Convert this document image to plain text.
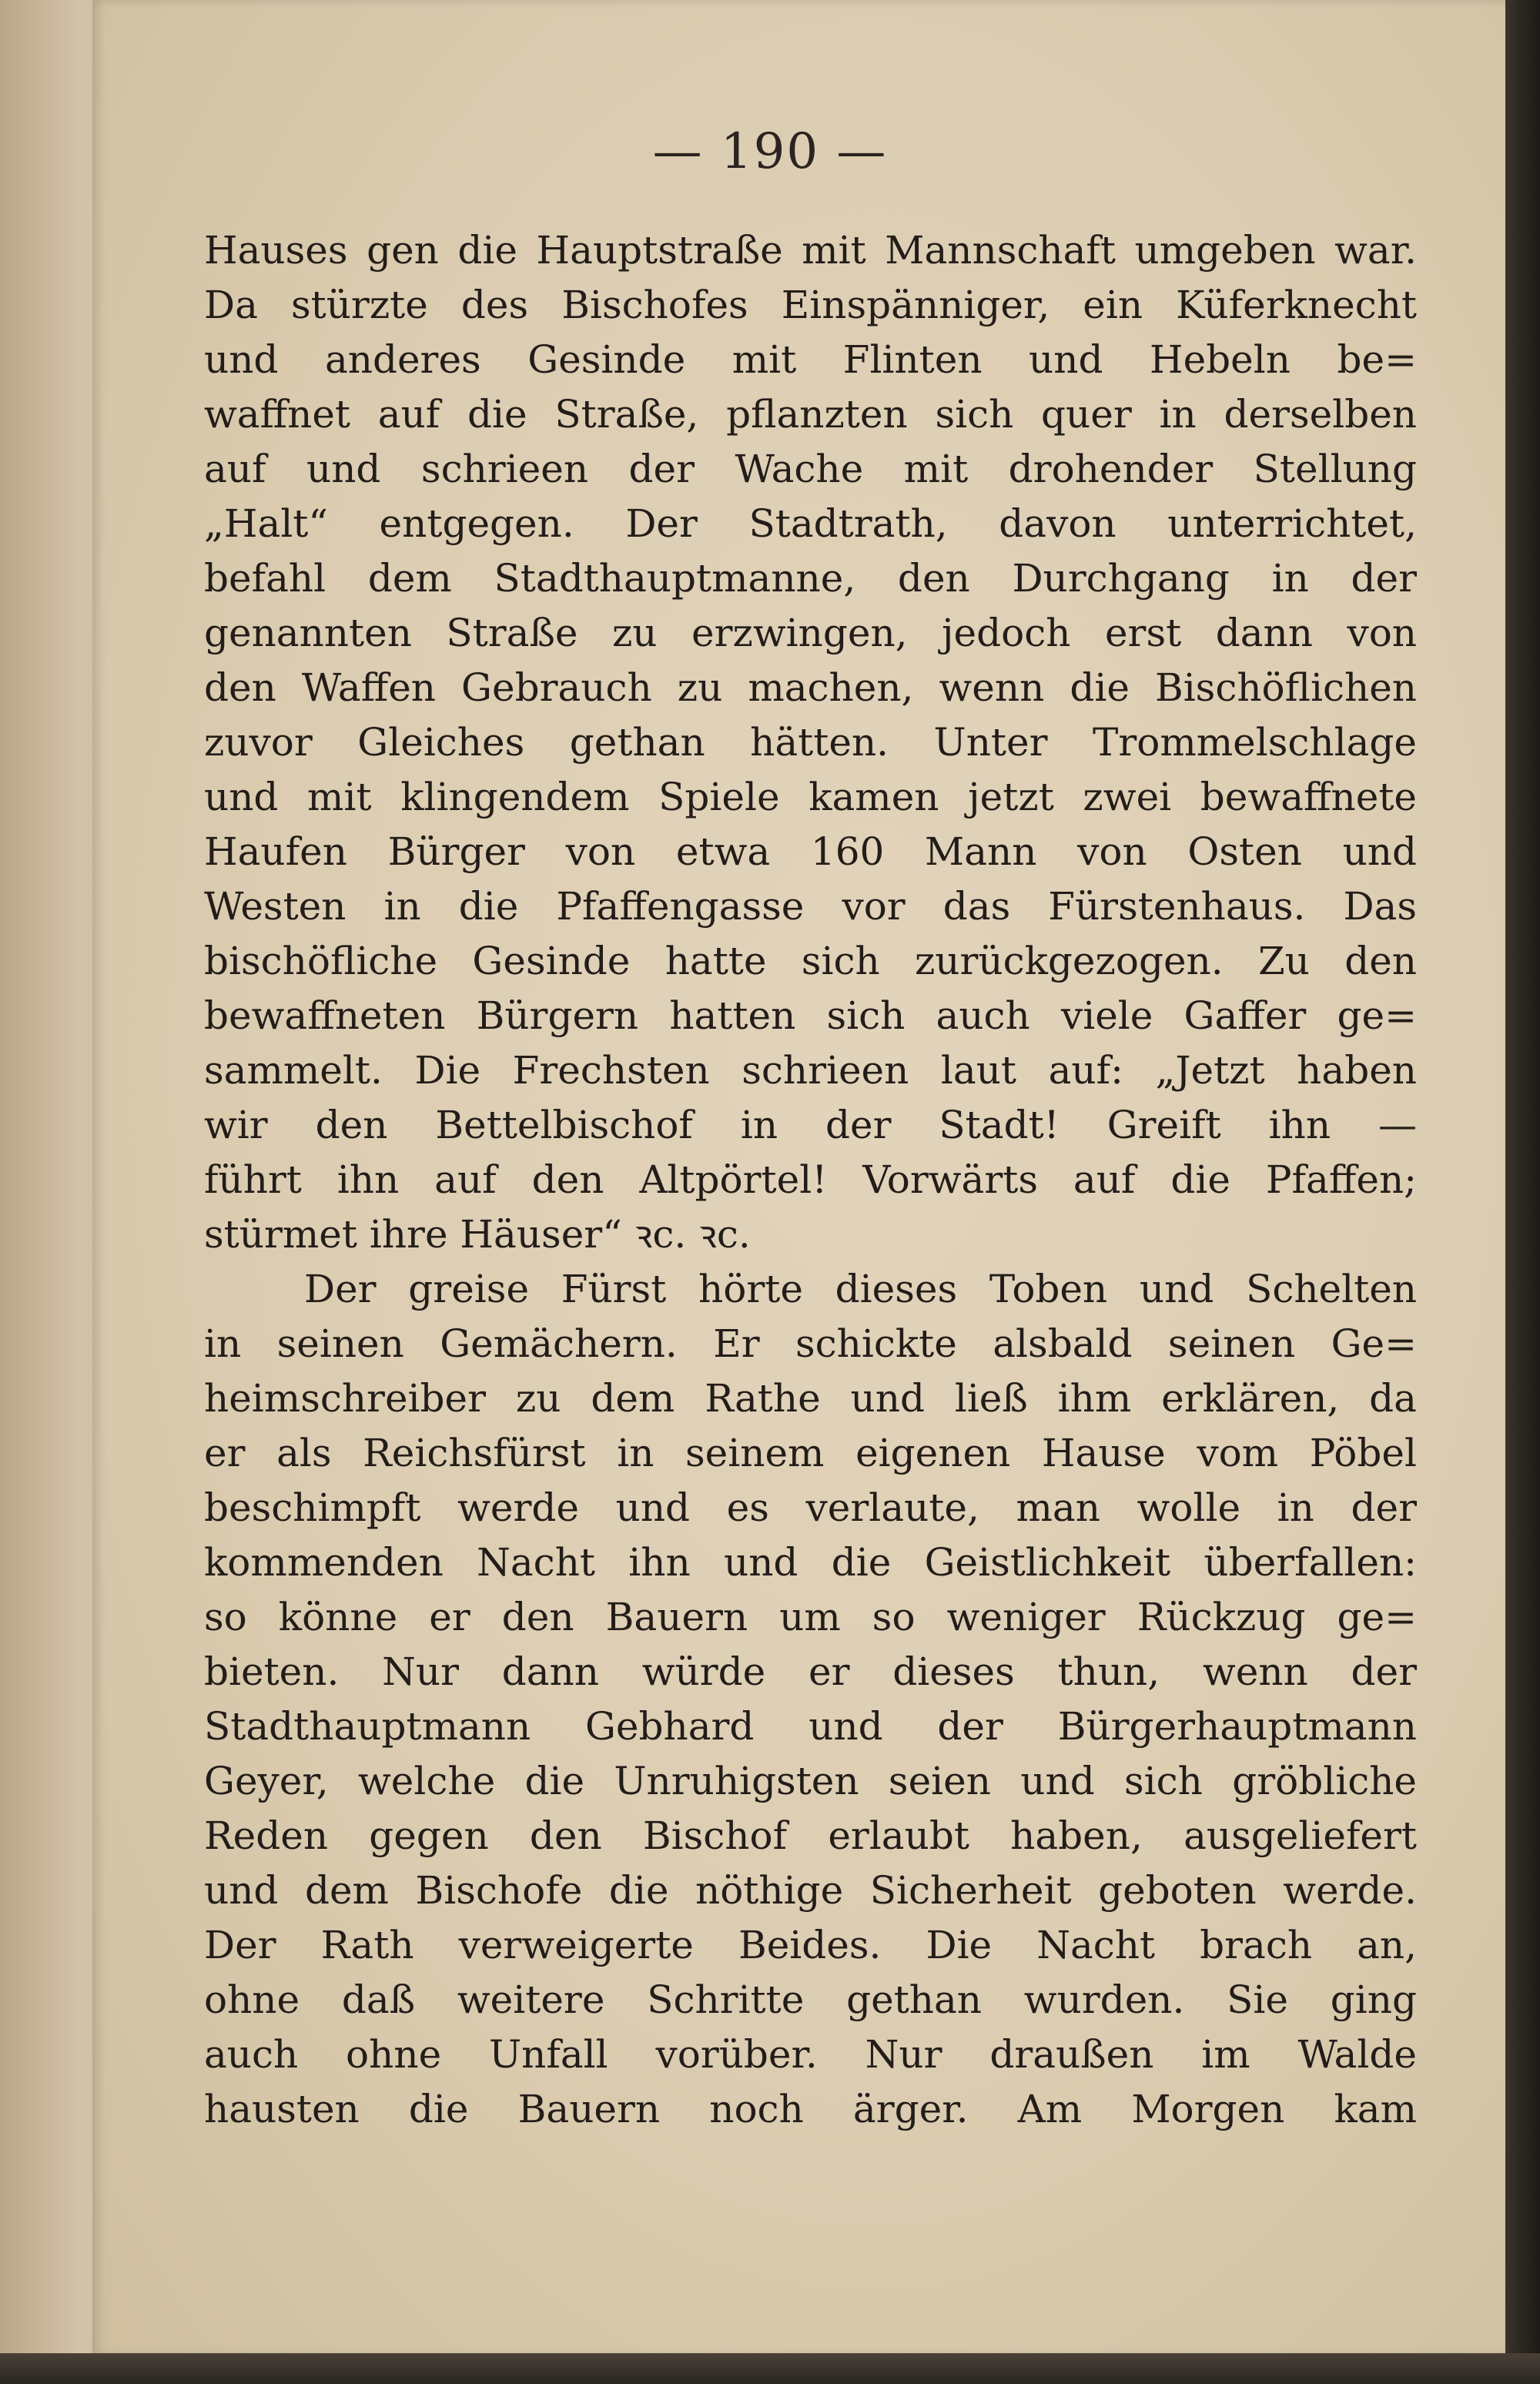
— 190 —
Hauses gen die Hauptstraße mit Mannschaft umgeben war.
Da stürzte des Bischofes Einspänniger, ein Küferknecht
und anderes Gesinde mit Flinten und Hebeln be=
waffnet auf die Straße, pflanzten sich quer in derselben
auf und schrieen der Wache mit drohender Stellung
„Halt“ entgegen. Der Stadtrath, davon unterrichtet,
befahl dem Stadthauptmanne, den Durchgang in der
genannten Straße zu erzwingen, jedoch erst dann von
den Waffen Gebrauch zu machen, wenn die Bischöflichen
zuvor Gleiches gethan hätten. Unter Trommelschlage
und mit klingendem Spiele kamen jetzt zwei bewaffnete
Haufen Bürger von etwa 160 Mann von Osten und
Westen in die Pfaffengasse vor das Fürstenhaus. Das
bischöfliche Gesinde hatte sich zurückgezogen. Zu den
bewaffneten Bürgern hatten sich auch viele Gaffer ge=
sammelt. Die Frechsten schrieen laut auf: „Jetzt haben
wir den Bettelbischof in der Stadt! Greift ihn —
führt ihn auf den Altpörtel! Vorwärts auf die Pfaffen;
stürmet ihre Häuser“ ꝛc. ꝛc.
Der greise Fürst hörte dieses Toben und Schelten
in seinen Gemächern. Er schickte alsbald seinen Ge=
heimschreiber zu dem Rathe und ließ ihm erklären, da
er als Reichsfürst in seinem eigenen Hause vom Pöbel
beschimpft werde und es verlaute, man wolle in der
kommenden Nacht ihn und die Geistlichkeit überfallen:
so könne er den Bauern um so weniger Rückzug ge=
bieten. Nur dann würde er dieses thun, wenn der
Stadthauptmann Gebhard und der Bürgerhauptmann
Geyer, welche die Unruhigsten seien und sich gröbliche
Reden gegen den Bischof erlaubt haben, ausgeliefert
und dem Bischofe die nöthige Sicherheit geboten werde.
Der Rath verweigerte Beides. Die Nacht brach an,
ohne daß weitere Schritte gethan wurden. Sie ging
auch ohne Unfall vorüber. Nur draußen im Walde
hausten die Bauern noch ärger. Am Morgen kam
